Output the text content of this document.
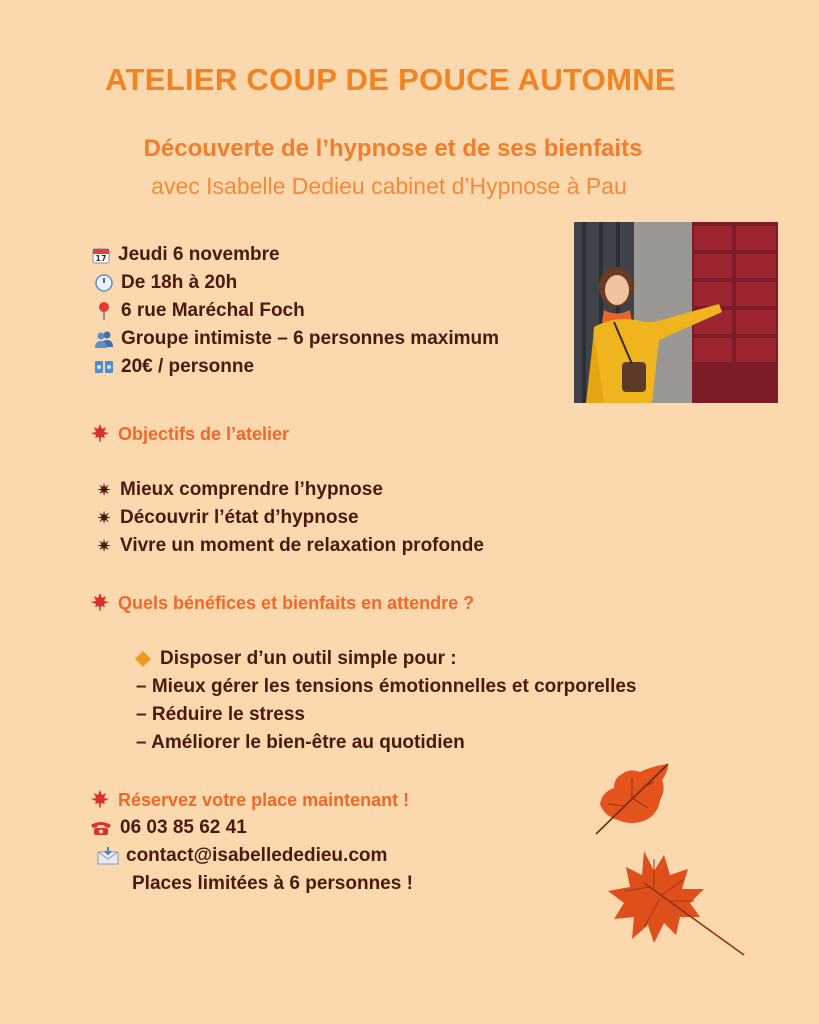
ATELIER COUP DE POUCE AUTOMNE
Découverte de l’hypnose et de ses bienfaits
avec Isabelle Dedieu cabinet d’Hypnose à Pau
17 Jeudi 6 novembre
De 18h à 20h
6 rue Maréchal Foch
Groupe intimiste – 6 personnes maximum
20€ / personne
Objectifs de l’atelier
✷ Mieux comprendre l’hypnose
✷ Découvrir l’état d’hypnose
✷ Vivre un moment de relaxation profonde
Quels bénéfices et bienfaits en attendre ?
Disposer d’un outil simple pour :
– Mieux gérer les tensions émotionnelles et corporelles
– Réduire le stress
– Améliorer le bien-être au quotidien
Réservez votre place maintenant !
06 03 85 62 41
contact@isabellededieu.com
Places limitées à 6 personnes !
